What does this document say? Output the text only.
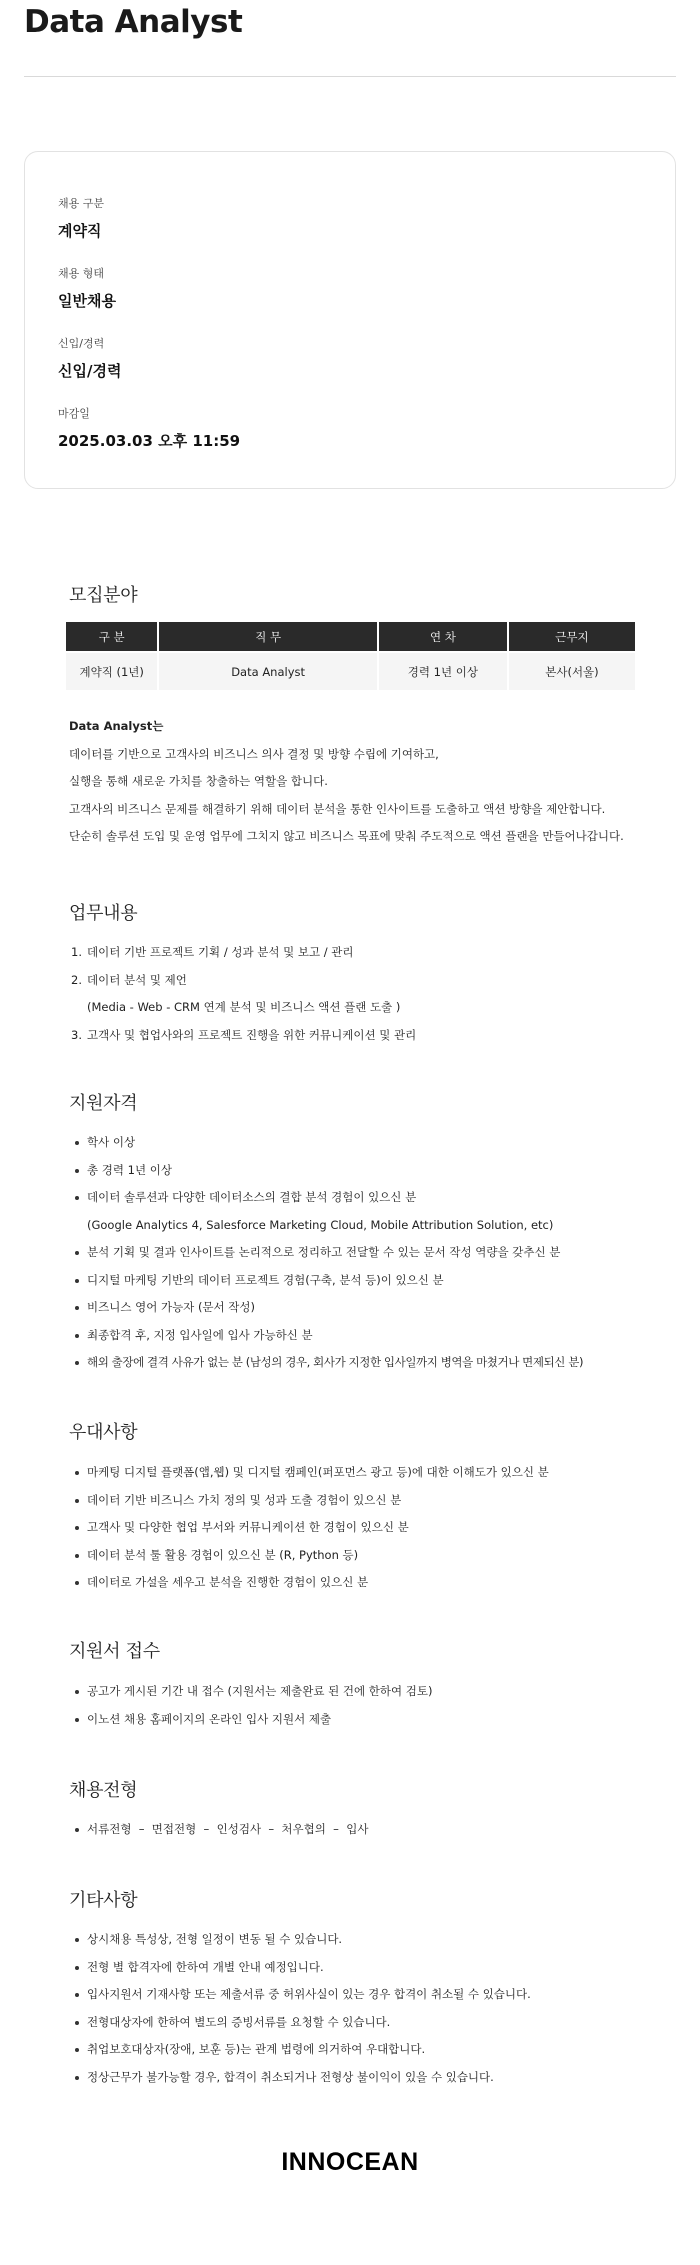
Data Analyst
채용 구분
계약직
채용 형태
일반채용
신입/경력
신입/경력
마감일
2025.03.03 오후 11:59
모집분야
구 분	직 무	연 차	근무지
계약직 (1년)	Data Analyst	경력 1년 이상	본사(서울)
Data Analyst는
데이터를 기반으로 고객사의 비즈니스 의사 결정 및 방향 수립에 기여하고,
실행을 통해 새로운 가치를 창출하는 역할을 합니다.
고객사의 비즈니스 문제를 해결하기 위해 데이터 분석을 통한 인사이트를 도출하고 액션 방향을 제안합니다.
단순히 솔루션 도입 및 운영 업무에 그치지 않고 비즈니스 목표에 맞춰 주도적으로 액션 플랜을 만들어나갑니다.
업무내용
1. 데이터 기반 프로젝트 기획 / 성과 분석 및 보고 / 관리
2. 데이터 분석 및 제언
(Media - Web - CRM 연계 분석 및 비즈니스 액션 플랜 도출 )
3. 고객사 및 협업사와의 프로젝트 진행을 위한 커뮤니케이션 및 관리
지원자격
학사 이상
총 경력 1년 이상
데이터 솔루션과 다양한 데이터소스의 결합 분석 경험이 있으신 분
(Google Analytics 4, Salesforce Marketing Cloud, Mobile Attribution Solution, etc)
분석 기획 및 결과 인사이트를 논리적으로 정리하고 전달할 수 있는 문서 작성 역량을 갖추신 분
디지털 마케팅 기반의 데이터 프로젝트 경험(구축, 분석 등)이 있으신 분
비즈니스 영어 가능자 (문서 작성)
최종합격 후, 지정 입사일에 입사 가능하신 분
해외 출장에 결격 사유가 없는 분 (남성의 경우, 회사가 지정한 입사일까지 병역을 마쳤거나 면제되신 분)
우대사항
마케팅 디지털 플랫폼(앱,웹) 및 디지털 캠페인(퍼포먼스 광고 등)에 대한 이해도가 있으신 분
데이터 기반 비즈니스 가치 정의 및 성과 도출 경험이 있으신 분
고객사 및 다양한 협업 부서와 커뮤니케이션 한 경험이 있으신 분
데이터 분석 툴 활용 경험이 있으신 분 (R, Python 등)
데이터로 가설을 세우고 분석을 진행한 경험이 있으신 분
지원서 접수
공고가 게시된 기간 내 접수 (지원서는 제출완료 된 건에 한하여 검토)
이노션 채용 홈페이지의 온라인 입사 지원서 제출
채용전형
서류전형  –  면접전형  –  인성검사  –  처우협의  –  입사
기타사항
상시채용 특성상, 전형 일정이 변동 될 수 있습니다.
전형 별 합격자에 한하여 개별 안내 예정입니다.
입사지원서 기재사항 또는 제출서류 중 허위사실이 있는 경우 합격이 취소될 수 있습니다.
전형대상자에 한하여 별도의 증빙서류를 요청할 수 있습니다.
취업보호대상자(장애, 보훈 등)는 관계 법령에 의거하여 우대합니다.
정상근무가 불가능할 경우, 합격이 취소되거나 전형상 불이익이 있을 수 있습니다.
INNOCEAN
